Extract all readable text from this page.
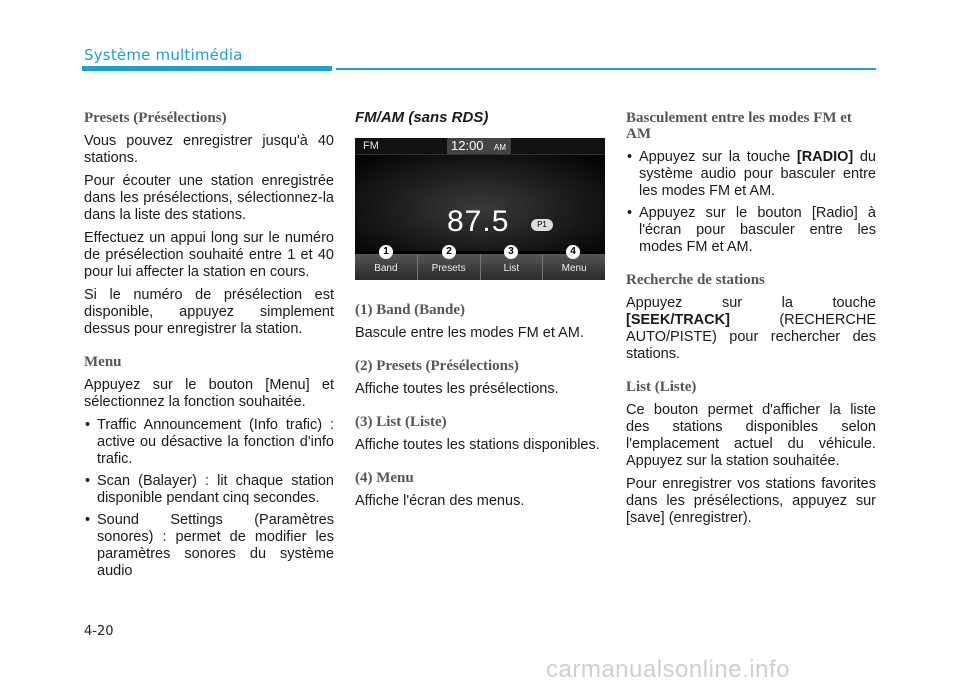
Système multimédia
Presets (Présélections)

Vous pouvez enregistrer jusqu'à 40 stations.

Pour écouter une station enregistrée dans les présélections, sélectionnez-la dans la liste des stations.

Effectuez un appui long sur le numéro de présélection souhaité entre 1 et 40 pour lui affecter la station en cours.

Si le numéro de présélection est disponible, appuyez simplement dessus pour enregistrer la station.

Menu

Appuyez sur le bouton [Menu] et sélectionnez la fonction souhaitée.

• Traffic Announcement (Info trafic) : active ou désactive la fonction d'info trafic.
• Scan (Balayer) : lit chaque station disponible pendant cinq secondes.
• Sound Settings (Paramètres sonores) : permet de modifier les paramètres sonores du système audio
FM/AM (sans RDS)
FM	12:00 AM
87.5	P1
Band	Presets	List	Menu
1	2	3	4
(1) Band (Bande)

Bascule entre les modes FM et AM.

(2) Presets (Présélections)

Affiche toutes les présélections.

(3) List (Liste)

Affiche toutes les stations disponibles.

(4) Menu

Affiche l'écran des menus.

Basculement entre les modes FM et AM
• Appuyez sur la touche [RADIO] du système audio pour basculer entre les modes FM et AM.
• Appuyez sur le bouton [Radio] à l'écran pour basculer entre les modes FM et AM.
Recherche de stations

Appuyez sur la touche [SEEK/TRACK] (RECHERCHE AUTO/PISTE) pour rechercher des stations.

List (Liste)

Ce bouton permet d'afficher la liste des stations disponibles selon l'emplacement actuel du véhicule. Appuyez sur la station souhaitée.

Pour enregistrer vos stations favorites dans les présélections, appuyez sur [save] (enregistrer).

4-20
carmanualsonline.info
